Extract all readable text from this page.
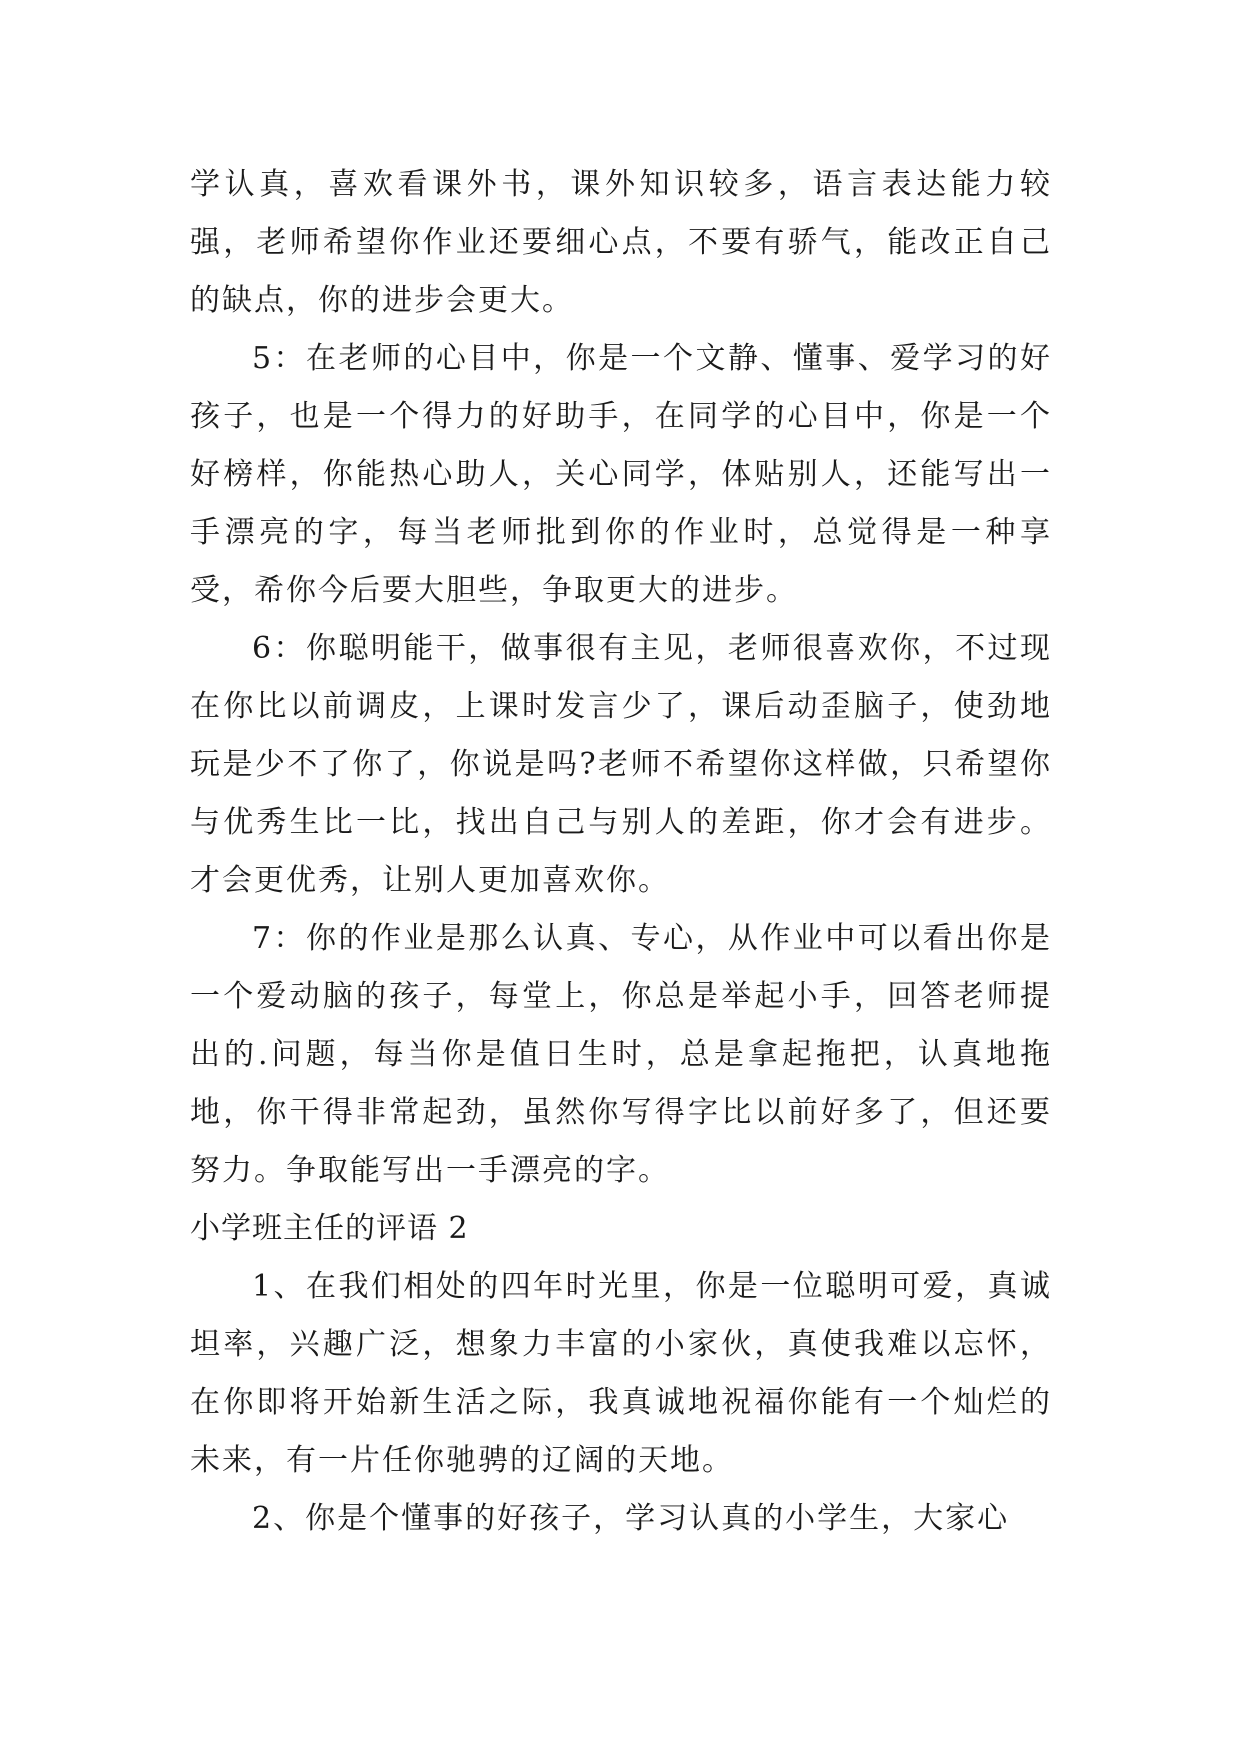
学认真，喜欢看课外书，课外知识较多，语言表达能力较强，老师希望你作业还要细心点，不要有骄气，能改正自己的缺点，你的进步会更大。

5：在老师的心目中，你是一个文静、懂事、爱学习的好孩子，也是一个得力的好助手，在同学的心目中，你是一个好榜样，你能热心助人，关心同学，体贴别人，还能写出一手漂亮的字，每当老师批到你的作业时，总觉得是一种享受，希你今后要大胆些，争取更大的进步。

6：你聪明能干，做事很有主见，老师很喜欢你，不过现在你比以前调皮，上课时发言少了，课后动歪脑子，使劲地玩是少不了你了，你说是吗?老师不希望你这样做，只希望你与优秀生比一比，找出自己与别人的差距，你才会有进步。才会更优秀，让别人更加喜欢你。

7：你的作业是那么认真、专心，从作业中可以看出你是一个爱动脑的孩子，每堂上，你总是举起小手，回答老师提出的.问题，每当你是值日生时，总是拿起拖把，认真地拖地，你干得非常起劲，虽然你写得字比以前好多了，但还要努力。争取能写出一手漂亮的字。

小学班主任的评语 2

1、在我们相处的四年时光里，你是一位聪明可爱，真诚坦率，兴趣广泛，想象力丰富的小家伙，真使我难以忘怀，在你即将开始新生活之际，我真诚地祝福你能有一个灿烂的未来，有一片任你驰骋的辽阔的天地。

2、你是个懂事的好孩子，学习认真的小学生，大家心
